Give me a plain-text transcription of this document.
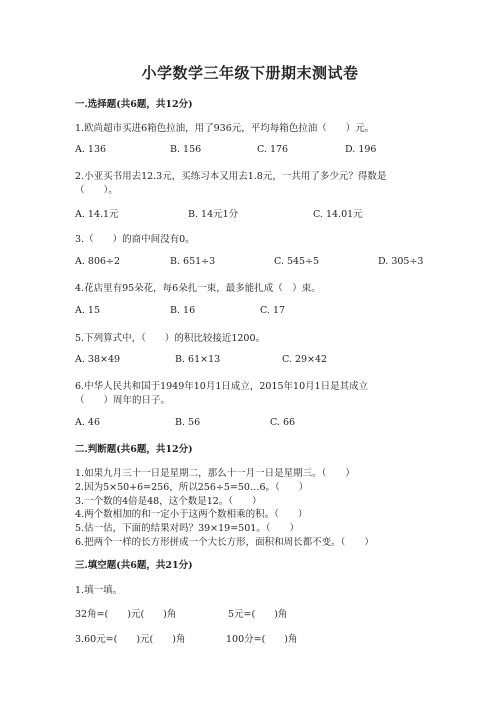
小学数学三年级下册期末测试卷
一.选择题(共6题，共12分)
1.欧尚超市买进6箱色拉油，用了936元，平均每箱色拉油（　　）元。
A. 136	B. 156	C. 176	D. 196
2.小亚买书用去12.3元，买练习本又用去1.8元，一共用了多少元？得数是
（　　）。
A. 14.1元	B. 14元1分	C. 14.01元
3.（　　）的商中间没有0。
A. 806÷2	B. 651÷3	C. 545÷5	D. 305÷3
4.花店里有95朵花，每6朵扎一束，最多能扎成（　）束。
A. 15	B. 16	C. 17
5.下列算式中，（　　）的积比较接近1200。
A. 38×49	B. 61×13	C. 29×42
6.中华人民共和国于1949年10月1日成立，2015年10月1日是其成立
（　　）周年的日子。
A. 46	B. 56	C. 66
二.判断题(共6题，共12分)
1.如果九月三十一日是星期二，那么十一月一日是星期三。（　　）
2.因为5×50+6=256，所以256÷5=50…6。（　　）
3.一个数的4倍是48，这个数是12。（　　）
4.两个数相加的和一定小于这两个数相乘的积。（　　）
5.估一估，下面的结果对吗？39×19=501。（　　）
6.把两个一样的长方形拼成一个大长方形，面积和周长都不变。（　　）
三.填空题(共6题，共21分)
1.填一填。
32角=(　　)元(　　)角	5元=(　　)角
3.60元=(　　)元(　　)角	100分=(　　)角
